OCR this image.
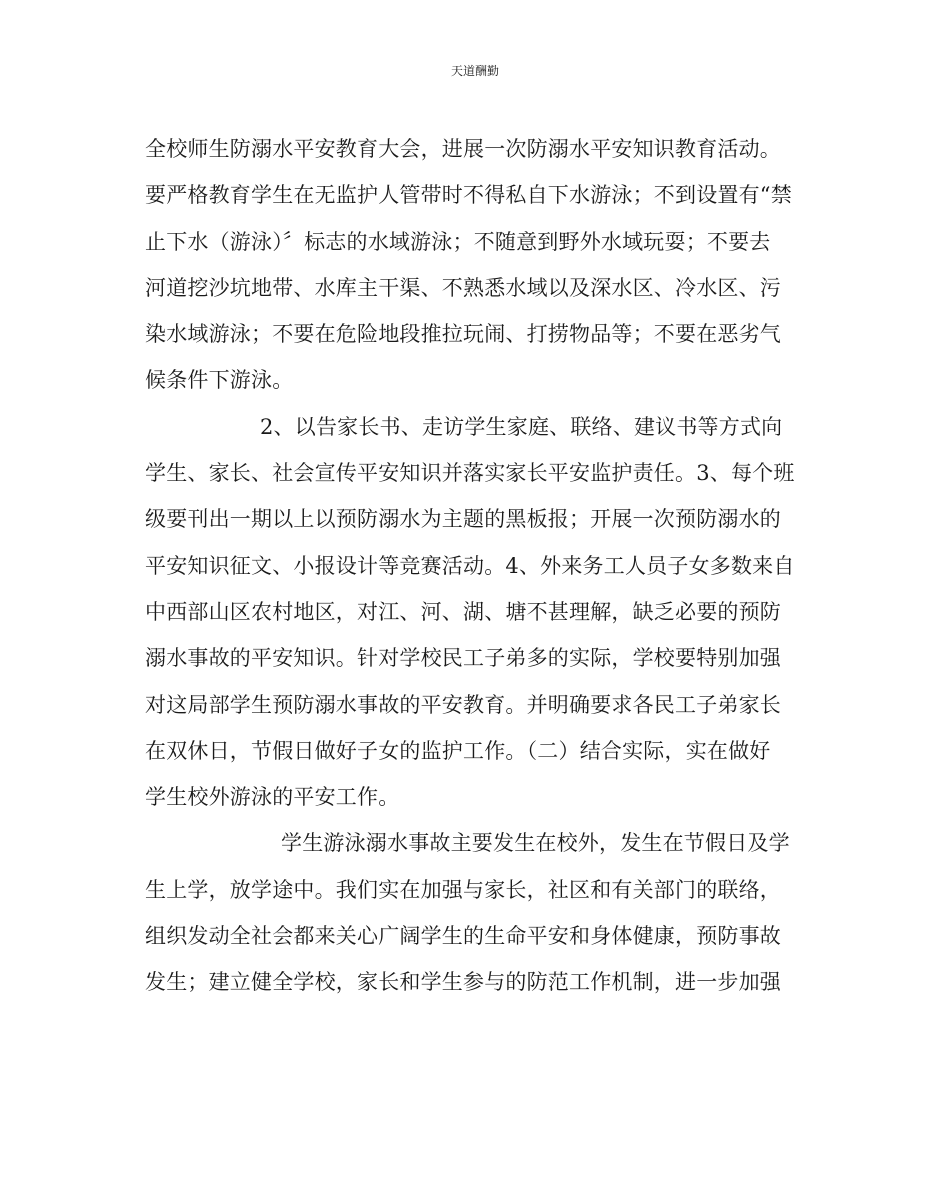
天道酬勤
全校师生防溺水平安教育大会，进展一次防溺水平安知识教育活动。
要严格教育学生在无监护人管带时不得私自下水游泳；不到设置有“禁
止下水（游泳）〞标志的水域游泳；不随意到野外水域玩耍；不要去
河道挖沙坑地带、水库主干渠、不熟悉水域以及深水区、冷水区、污
染水域游泳；不要在危险地段推拉玩闹、打捞物品等；不要在恶劣气
候条件下游泳。
2、以告家长书、走访学生家庭、联络、建议书等方式向
学生、家长、社会宣传平安知识并落实家长平安监护责任。3、每个班
级要刊出一期以上以预防溺水为主题的黑板报；开展一次预防溺水的
平安知识征文、小报设计等竞赛活动。4、外来务工人员子女多数来自
中西部山区农村地区，对江、河、湖、塘不甚理解，缺乏必要的预防
溺水事故的平安知识。针对学校民工子弟多的实际，学校要特别加强
对这局部学生预防溺水事故的平安教育。并明确要求各民工子弟家长
在双休日，节假日做好子女的监护工作。（二）结合实际，实在做好
学生校外游泳的平安工作。
学生游泳溺水事故主要发生在校外，发生在节假日及学
生上学，放学途中。我们实在加强与家长，社区和有关部门的联络，
组织发动全社会都来关心广阔学生的生命平安和身体健康，预防事故
发生；建立健全学校，家长和学生参与的防范工作机制，进一步加强
